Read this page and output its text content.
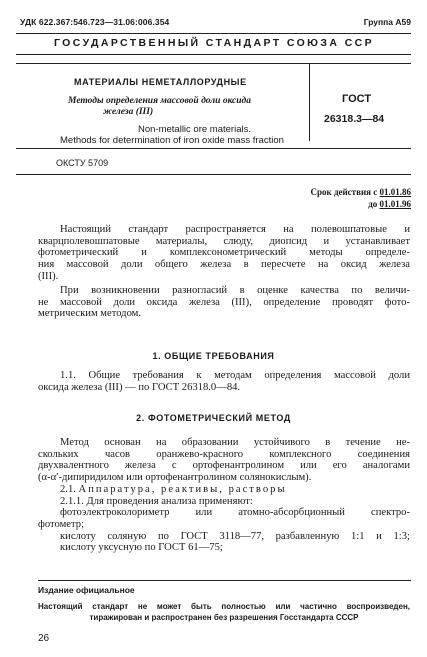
УДК 622.367:546.723—31.06:006.354	Группа А59
ГОСУДАРСТВЕННЫЙ СТАНДАРТ СОЮЗА ССР
МАТЕРИАЛЫ НЕМЕТАЛЛОРУДНЫЕ
Методы определения массовой доли оксида
железа (III)
Non-metallic ore materials.
Methods for determination of iron oxide mass fraction
ГОСТ
26318.3—84
ОКСТУ 5709
Срок действия с 01.01.86
до 01.01.96
Настоящий стандарт распространяется на полевошпатовые и
кварцполевошпатовые материалы, слюду, диопсид и устанавливает
фотометрический и комплексонометрический методы определе-
ния массовой доли общего железа в пересчете на оксид железа
(III).
При возникновении разногласий в оценке качества по величи-
не массовой доли оксида железа (III), определение проводят фото-
метрическим методом.
1. ОБЩИЕ ТРЕБОВАНИЯ
1.1. Общие требования к методам определения массовой доли
оксида железа (III) — по ГОСТ 26318.0—84.
2. ФОТОМЕТРИЧЕСКИЙ МЕТОД
Метод основан на образовании устойчивого в течение не-
скольких часов оранжево-красного комплексного соединения
двухвалентного железа с ортофенантролином или его аналогами
(α-α′-дипиридилом или ортофенантролином солянокислым).
2.1. Аппаратура, реактивы, растворы
2.1.1. Для проведения анализа применяют:
фотоэлектроколориметр или атомно-абсорбционный спектро-
фотометр;
кислоту соляную по ГОСТ 3118—77, разбавленную 1:1 и 1:3;
кислоту уксусную по ГОСТ 61—75;
Издание официальное
Настоящий стандарт не может быть полностью или частично воспроизведен,
тиражирован и распространен без разрешения Госстандарта СССР
26
